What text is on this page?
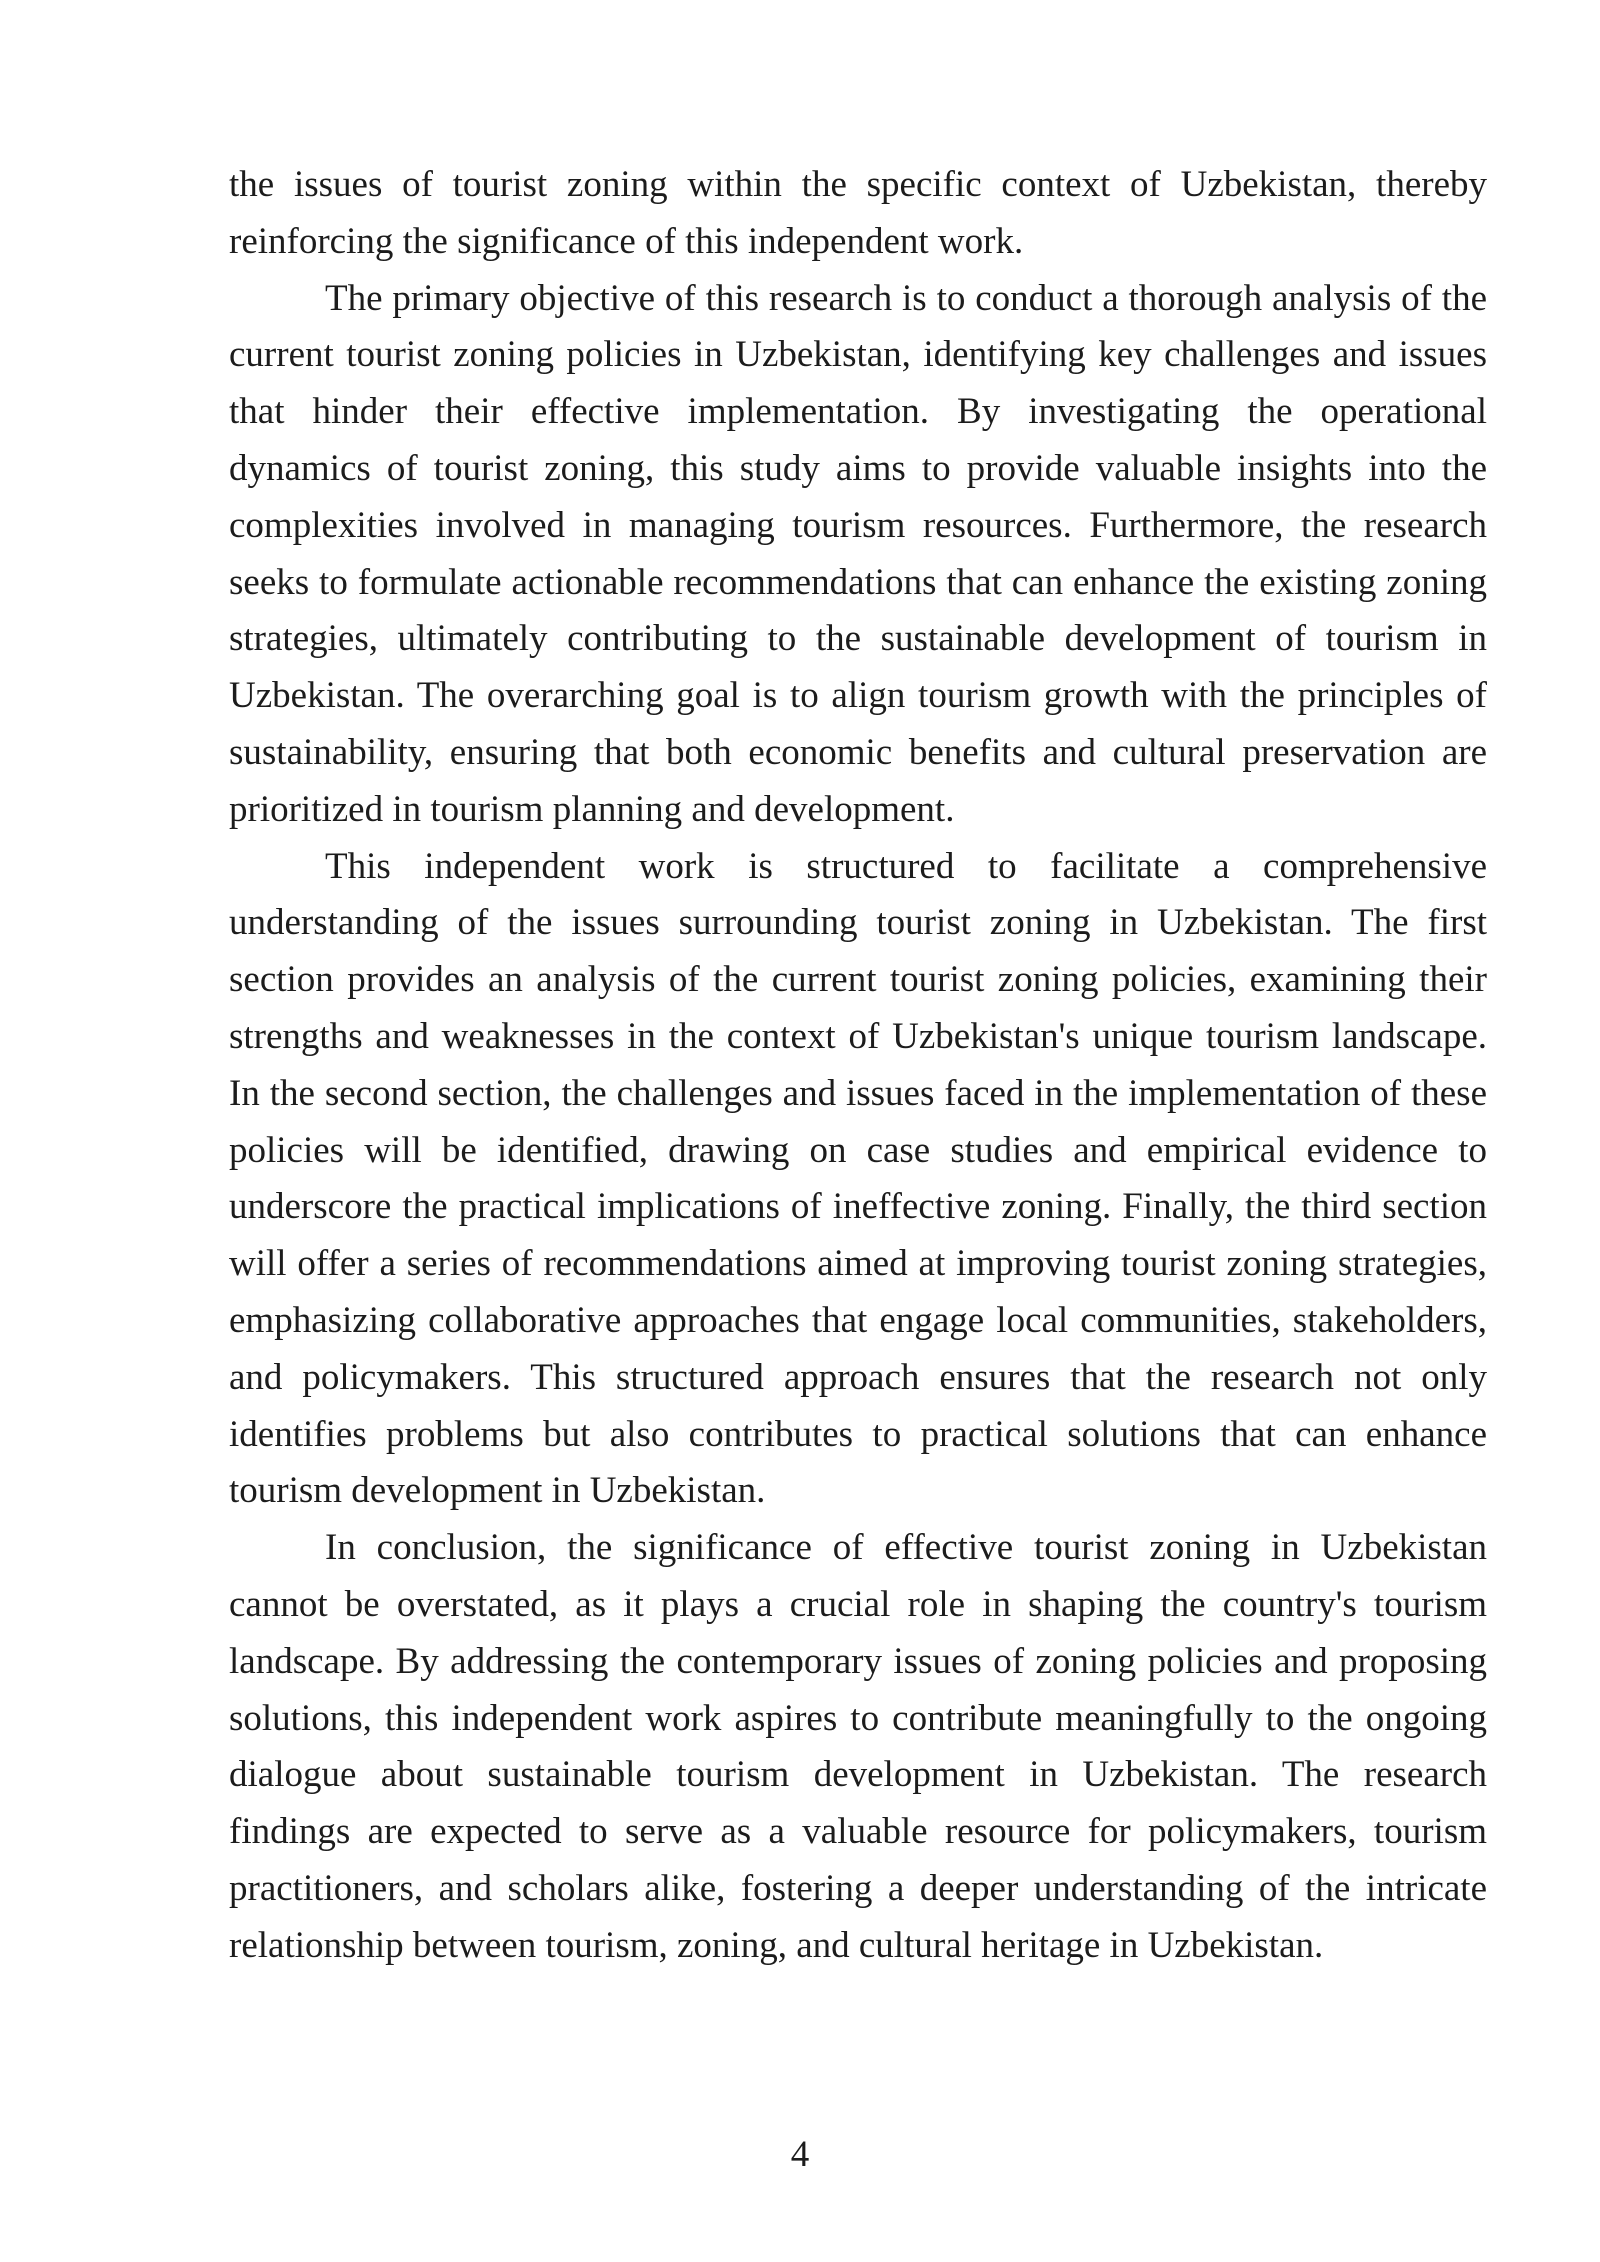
the issues of tourist zoning within the specific context of Uzbekistan, thereby reinforcing the significance of this independent work.

The primary objective of this research is to conduct a thorough analysis of the current tourist zoning policies in Uzbekistan, identifying key challenges and issues that hinder their effective implementation. By investigating the operational dynamics of tourist zoning, this study aims to provide valuable insights into the complexities involved in managing tourism resources. Furthermore, the research seeks to formulate actionable recommendations that can enhance the existing zoning strategies, ultimately contributing to the sustainable development of tourism in Uzbekistan. The overarching goal is to align tourism growth with the principles of sustainability, ensuring that both economic benefits and cultural preservation are prioritized in tourism planning and development.

This independent work is structured to facilitate a comprehensive understanding of the issues surrounding tourist zoning in Uzbekistan. The first section provides an analysis of the current tourist zoning policies, examining their strengths and weaknesses in the context of Uzbekistan's unique tourism landscape. In the second section, the challenges and issues faced in the implementation of these policies will be identified, drawing on case studies and empirical evidence to underscore the practical implications of ineffective zoning. Finally, the third section will offer a series of recommendations aimed at improving tourist zoning strategies, emphasizing collaborative approaches that engage local communities, stakeholders, and policymakers. This structured approach ensures that the research not only identifies problems but also contributes to practical solutions that can enhance tourism development in Uzbekistan.

In conclusion, the significance of effective tourist zoning in Uzbekistan cannot be overstated, as it plays a crucial role in shaping the country's tourism landscape. By addressing the contemporary issues of zoning policies and proposing solutions, this independent work aspires to contribute meaningfully to the ongoing dialogue about sustainable tourism development in Uzbekistan. The research findings are expected to serve as a valuable resource for policymakers, tourism practitioners, and scholars alike, fostering a deeper understanding of the intricate relationship between tourism, zoning, and cultural heritage in Uzbekistan.

4
